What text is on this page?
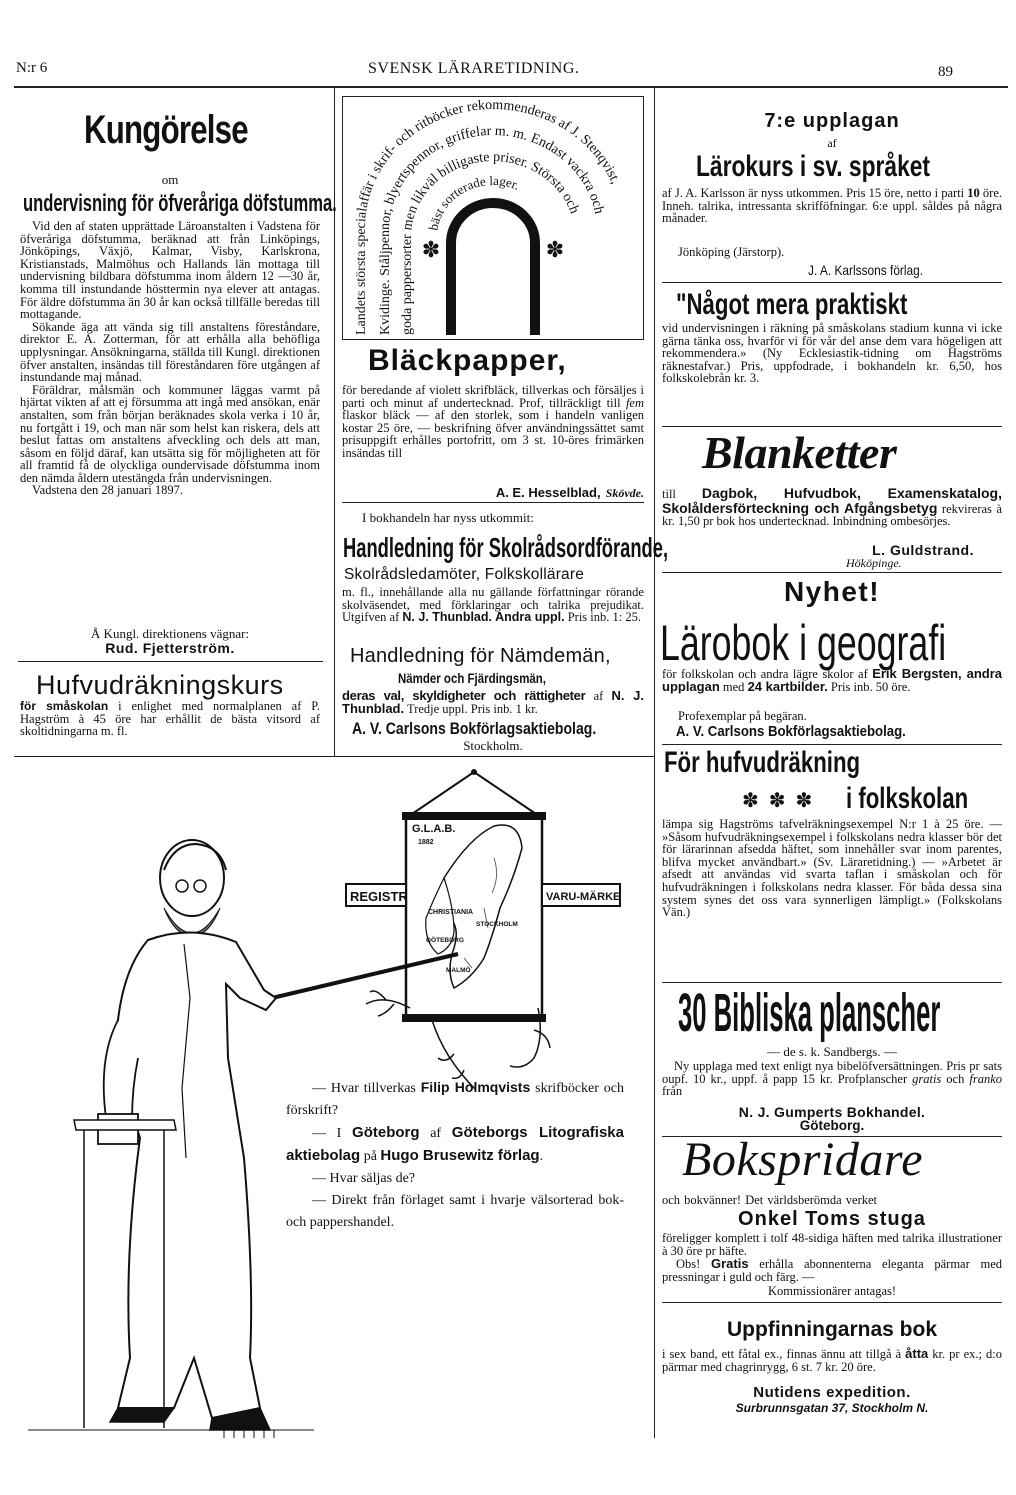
N:r 6	SVENSK LÄRARETIDNING.	89
Kungörelse
om
undervisning för öfveråriga döfstumma.

Vid den af staten upprättade Läroanstalten i Vadstena för öfveråriga döfstumma, beräknad att från Linköpings, Jönköpings, Växjö, Kalmar, Visby, Karlskrona, Kristianstads, Malmöhus och Hallands län mottaga till undervisning bildbara döfstumma inom åldern 12 —30 år, komma till instundande hösttermin nya elever att antagas. För äldre döfstumma än 30 år kan också tillfälle beredas till mottagande.

Sökande äga att vända sig till anstaltens föreståndare, direktor E. A. Zotterman, för att erhålla alla behöfliga upplysningar. Ansökningarna, ställda till Kungl. direktionen öfver anstalten, insändas till föreståndaren före utgången af instundande maj månad.

Föräldrar, målsmän och kommuner läggas varmt på hjärtat vikten af att ej försumma att ingå med ansökan, enär anstalten, som från början beräknades skola verka i 10 år, nu fortgått i 19, och man när som helst kan riskera, dels att beslut fattas om anstaltens afveckling och dels att man, såsom en följd däraf, kan utsätta sig för möjligheten att för all framtid få de olyckliga oundervisade döfstumma inom den nämda åldern utestängda från undervisningen.

Vadstena den 28 januari 1897.

Å Kungl. direktionens vägnar:
Rud. Fjetterström.
Hufvudräkningskurs
för småskolan i enlighet med normalplanen af P. Hagström à 45 öre har erhållit de bästa vitsord af skoltidningarna m. fl.
Landets största specialaffär i skrif- och ritböcker rekommenderas af J. Stenqvist,
Kvidinge. Ståljpennor, blyertspennor, griffelar m. m. Endast vackra och
goda pappersorter men likväl billigaste priser. Största och
bäst sorterade lager.
✽	✽
Bläckpapper,
för beredande af violett skrifbläck, tillverkas och försäljes i parti och minut af undertecknad. Prof, tillräckligt till fem flaskor bläck — af den storlek, som i handeln vanligen kostar 25 öre, — beskrifning öfver användningssättet samt prisuppgift erhålles portofritt, om 3 st. 10-öres frimärken insändas till
A. E. Hesselblad, Skövde.
I bokhandeln har nyss utkommit:
Handledning för Skolrådsordförande,
Skolrådsledamöter, Folkskollärare
m. fl., innehållande alla nu gällande författningar rörande skolväsendet, med förklaringar och talrika prejudikat. Utgifven af N. J. Thunblad. Andra uppl. Pris inb. 1: 25.
Handledning för Nämdemän,
Nämder och Fjärdingsmän,
deras val, skyldigheter och rättigheter af N. J. Thunblad. Tredje uppl. Pris inb. 1 kr.
A. V. Carlsons Bokförlagsaktiebolag.
Stockholm.
7:e upplagan
af
Lärokurs i sv. språket
af J. A. Karlsson är nyss utkommen. Pris 15 öre, netto i parti 10 öre. Inneh. talrika, intressanta skrifföfningar. 6:e uppl. såldes på några månader.
Jönköping (Järstorp).
J. A. Karlssons förlag.
"Något mera praktiskt
vid undervisningen i räkning på småskolans stadium kunna vi icke gärna tänka oss, hvarför vi för vår del anse dem vara högeligen att rekommendera.» (Ny Ecklesiastik-tidning om Hagströms räknestafvar.) Pris, uppfodrade, i bokhandeln kr. 6,50, hos folkskolebrån kr. 3.
Blanketter
till Dagbok, Hufvudbok, Examenskatalog, Skolåldersförteckning och Afgångsbetyg rekvireras à kr. 1,50 pr bok hos undertecknad. Inbindning ombesörjes.
L. Guldstrand.
Hököpinge.
Nyhet!
Lärobok i geografi
för folkskolan och andra lägre skolor af Erik Bergsten, andra upplagan med 24 kartbilder. Pris inb. 50 öre.
Profexemplar på begäran.
A. V. Carlsons Bokförlagsaktiebolag.
För hufvudräkning
✽✽✽ i folkskolan
lämpa sig Hagströms tafvelräkningsexempel N:r 1 à 25 öre. — »Såsom hufvudräkningsexempel i folkskolans nedra klasser bör det för lärarinnan afsedda häftet, som innehåller svar inom parentes, blifva mycket användbart.» (Sv. Läraretidning.) — »Arbetet är afsedt att användas vid svarta taflan i småskolan och för hufvudräkningen i folkskolans nedra klasser. För båda dessa sina system synes det oss vara synnerligen lämpligt.» (Folkskolans Vän.)
30 Bibliska planscher
— de s. k. Sandbergs. —
Ny upplaga med text enligt nya bibelöfversättningen. Pris pr sats oupf. 10 kr., uppf. å papp 15 kr. Profplanscher gratis och franko från
N. J. Gumperts Bokhandel.
Göteborg.
Bokspridare
och bokvänner! Det världsberömda verket
Onkel Toms stuga
föreligger komplett i tolf 48-sidiga häften med talrika illustrationer à 30 öre pr häfte.
Obs! Gratis erhålla abonnenterna eleganta pärmar med pressningar i guld och färg. —
Kommissionärer antagas!
Uppfinningarnas bok
i sex band, ett fåtal ex., finnas ännu att tillgå à åtta kr. pr ex.; d:o pärmar med chagrinrygg, 6 st. 7 kr. 20 öre.
Nutidens expedition.
Surbrunnsgatan 37, Stockholm N.
G.L.A.B.
1882
CHRISTIANIA
STOCKHOLM
GÖTEBORG
MALMÖ
REGISTR	VARU-MÄRKE

— Hvar tillverkas Filip Holmqvists skrifböcker och förskrift?

— I Göteborg af Göteborgs Litografiska aktiebolag på Hugo Brusewitz förlag.

— Hvar säljas de?

— Direkt från förlaget samt i hvarje välsorterad bok- och pappershandel.
